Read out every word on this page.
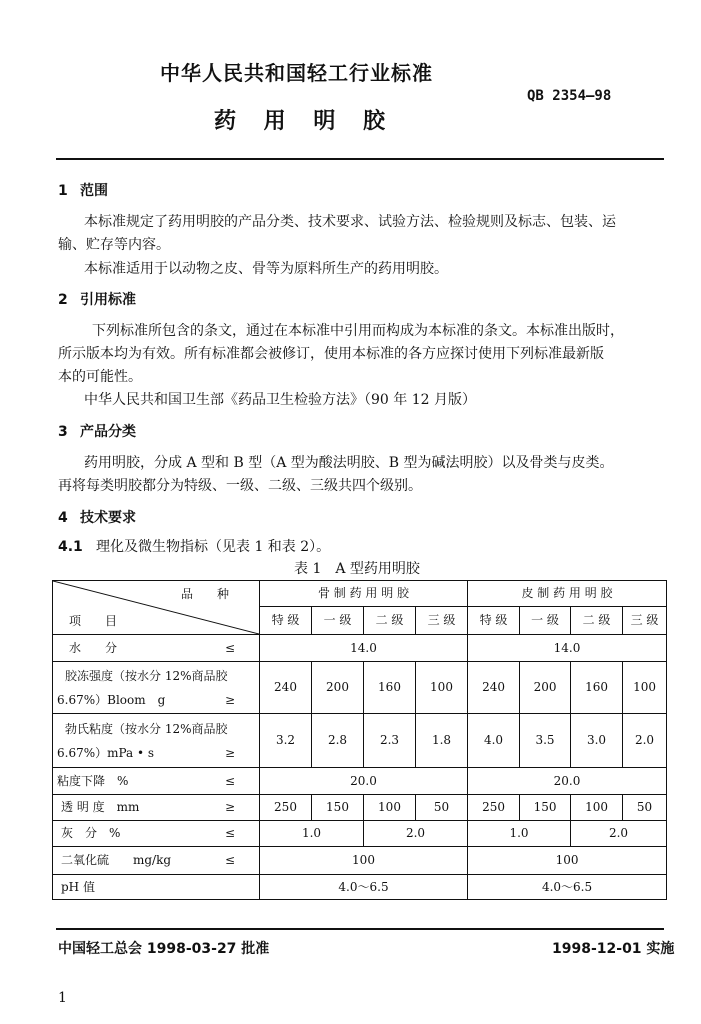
中华人民共和国轻工行业标准
QB 2354—98
药 用 明 胶
1 范围
本标准规定了药用明胶的产品分类、技术要求、试验方法、检验规则及标志、包装、运
输、贮存等内容。
本标准适用于以动物之皮、骨等为原料所生产的药用明胶。
2 引用标准
下列标准所包含的条文，通过在本标准中引用而构成为本标准的条文。本标准出版时，
所示版本均为有效。所有标准都会被修订，使用本标准的各方应探讨使用下列标准最新版
本的可能性。
中华人民共和国卫生部《药品卫生检验方法》（90 年 12 月版）
3 产品分类
药用明胶，分成 A 型和 B 型（A 型为酸法明胶、B 型为碱法明胶）以及骨类与皮类。
再将每类明胶都分为特级、一级、二级、三级共四个级别。
4 技术要求
4.1 理化及微生物指标（见表 1 和表 2）。
表 1　A 型药用明胶
品　　种
项　　目	骨 制 药 用 明 胶				皮 制 药 用 明 胶			
	特 级	一 级	二 级	三 级	特 级	一 级	二 级	三 级
水　　分 ≤	14.0				14.0			

胶冻强度（按水分 12%商品胶
6.67%）Bloom　g ≥	240	200	160	100	240	200	160	100

勃氏粘度（按水分 12%商品胶
6.67%）mPa • s ≥	3.2	2.8	2.3	1.8	4.0	3.5	3.0	2.0
粘度下降　% ≤	20.0				20.0			
透 明 度　mm ≥	250	150	100	50	250	150	100	50
灰　分　% ≤	1.0		2.0		1.0		2.0	
二氧化硫　　mg/kg ≤	100				100			
pH 值	4.0～6.5				4.0～6.5			
中国轻工总会 1998-03-27 批准	1998-12-01 实施
1
